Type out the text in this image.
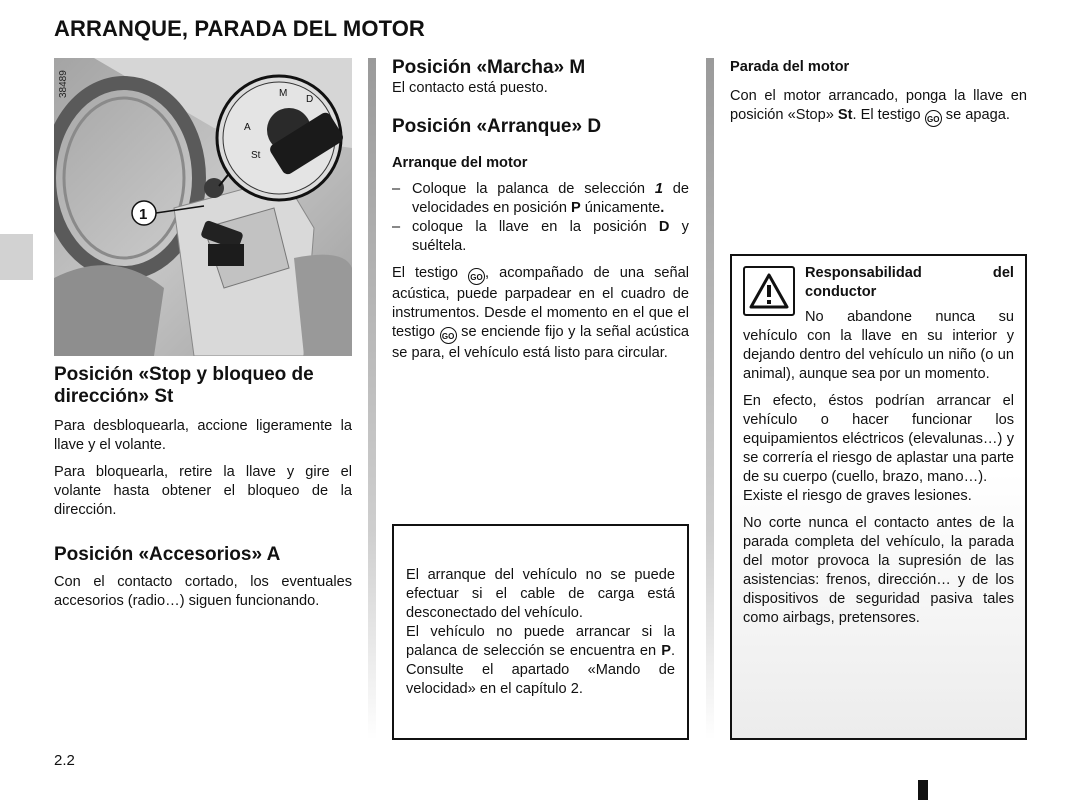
ARRANQUE, PARADA DEL MOTOR
M
D
A
St
1
38489
Posición «Stop y bloqueo de dirección» St

Para desbloquearla, accione ligeramente la llave y el volante.

Para bloquearla, retire la llave y gire el volante hasta obtener el bloqueo de la dirección.

Posición «Accesorios» A

Con el contacto cortado, los eventuales accesorios (radio…) siguen funcionando.

Posición «Marcha» M

El contacto está puesto.

Posición «Arranque» D
Arranque del motor
– Coloque la palanca de selección 1 de velocidades en posición P únicamente.
– coloque la llave en la posición D y suéltela.

El testigo GO , acompañado de una señal acústica, puede parpadear en el cuadro de instrumentos. Desde el momento en el que el testigo GO se enciende fijo y la señal acústica se para, el vehículo está listo para circular.

El arranque del vehículo no se puede efectuar si el cable de carga está desconectado del vehículo.

El vehículo no puede arrancar si la palanca de selección se encuentra en P. Consulte el apartado «Mando de velocidad» en el capítulo 2.

Parada del motor

Con el motor arrancado, ponga la llave en posición «Stop» St. El testigo GO se apaga.

Responsabilidad del conductor

No abandone nunca su vehículo con la llave en su interior y dejando dentro del vehículo un niño (o un animal), aunque sea por un momento.

En efecto, éstos podrían arrancar el vehículo o hacer funcionar los equipamientos eléctricos (elevalunas…) y se correría el riesgo de aplastar una parte de su cuerpo (cuello, brazo, mano…).

Existe el riesgo de graves lesiones.

No corte nunca el contacto antes de la parada completa del vehículo, la parada del motor provoca la supresión de las asistencias: frenos, dirección… y de los dispositivos de seguridad pasiva tales como airbags, pretensores.

2.2
